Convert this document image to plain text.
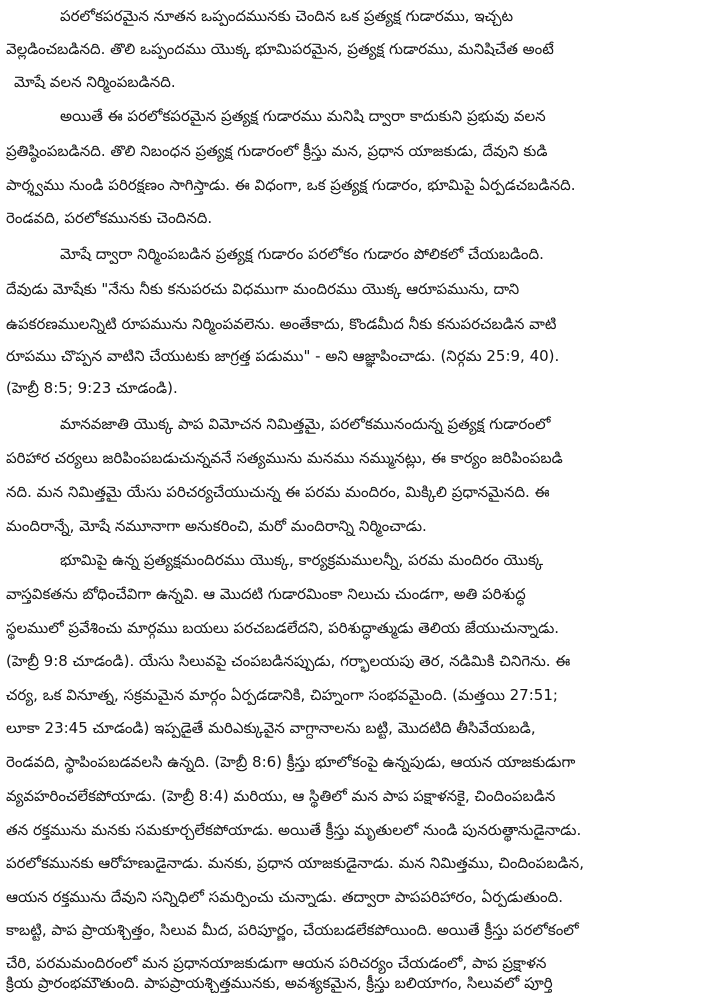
పరలోకపరమైన నూతన ఒప్పందమునకు చెందిన ఒక ప్రత్యక్ష గుడారము, ఇచ్చట
వెల్లడించబడినది. తొలి ఒప్పందము యొక్క భూమిపరమైన, ప్రత్యక్ష గుడారము, మనిషిచేత అంటే
మోషే వలన నిర్మింపబడినది.
అయితే ఈ పరలోకపరమైన ప్రత్యక్ష గుడారము మనిషి ద్వారా కాదుకుని ప్రభువు వలన
ప్రతిష్ఠింపబడినది. తొలి నిబంధన ప్రత్యక్ష గుడారంలో క్రీస్తు మన, ప్రధాన యాజకుడు, దేవుని కుడి
పార్శ్వము నుండి పరిరక్షణం సాగిస్తాడు. ఈ విధంగా, ఒక ప్రత్యక్ష గుడారం, భూమిపై ఏర్పడచబడినది.
రెండవది, పరలోకమునకు చెందినది.
మోషే ద్వారా నిర్మింపబడిన ప్రత్యక్ష గుడారం పరలోకం గుడారం పోలికలో చేయబడింది.
దేవుడు మోషేకు "నేను నీకు కనుపరచు విధముగా మందిరము యొక్క ఆరూపమును, దాని
ఉపకరణములన్నిటి రూపమును నిర్మింపవలెను. అంతేకాదు, కొండమీద నీకు కనుపరచబడిన వాటి
రూపము చొప్పన వాటిని చేయుటకు జాగ్రత్త పడుము" - అని ఆజ్ఞాపించాడు. (నిర్గమ 25:9, 40).
(హెబ్రీ 8:5; 9:23 చూడండి).
మానవజాతి యొక్క పాప విమోచన నిమిత్తమై, పరలోకమునందున్న ప్రత్యక్ష గుడారంలో
పరిహార చర్యలు జరిపింపబడుచున్నవనే సత్యమును మనము నమ్మునట్లు, ఈ కార్యం జరిపింపబడి
నది. మన నిమిత్తమై యేసు పరిచర్యచేయుచున్న ఈ పరమ మందిరం, మిక్కిలి ప్రధానమైనది. ఈ
మందిరాన్నే, మోషే నమూనాగా అనుకరించి, మరో మందిరాన్ని నిర్మించాడు.
భూమిపై ఉన్న ప్రత్యక్షమందిరము యొక్క, కార్యక్రమములన్నీ, పరమ మందిరం యొక్క
వాస్తవికతను బోధించేవిగా ఉన్నవి. ఆ మొదటి గుడారమింకా నిలుచు చుండగా, అతి పరిశుద్ధ
స్థలములో ప్రవేశించు మార్గము బయలు పరచబడలేదని, పరిశుద్ధాత్ముడు తెలియ జేయుచున్నాడు.
(హెబ్రీ 9:8 చూడండి). యేసు సిలువపై చంపబడినప్పుడు, గర్భాలయపు తెర, నడిమికి చినిగెను. ఈ
చర్య, ఒక వినూత్న, సక్రమమైన మార్గం ఏర్పడడానికి, చిహ్నంగా సంభవమైంది. (మత్తయి 27:51;
లూకా 23:45 చూడండి) ఇప్పడైతే మరిఎక్కువైన వాగ్దానాలను బట్టి, మొదటిది తీసివేయబడి,
రెండవది, స్థాపింపబడవలసి ఉన్నది. (హెబ్రీ 8:6) క్రీస్తు భూలోకంపై ఉన్నపుడు, ఆయన యాజకుడుగా
వ్యవహరించలేకపోయాడు. (హెబ్రీ 8:4) మరియు, ఆ స్థితిలో మన పాప పక్షాళనకై, చిందింపబడిన
తన రక్తమును మనకు సమకూర్చలేకపోయాడు. అయితే క్రీస్తు మృతులలో నుండి పునరుత్థానుడైనాడు.
పరలోకమునకు ఆరోహణుడైనాడు. మనకు, ప్రధాన యాజకుడైనాడు. మన నిమిత్తము, చిందింపబడిన,
ఆయన రక్తమును దేవుని సన్నిధిలో సమర్పించు చున్నాడు. తద్వారా పాపపరిహారం, ఏర్పడుతుంది.
కాబట్టి, పాప ప్రాయశ్చిత్తం, సిలువ మీద, పరిపూర్ణం, చేయబడలేకపోయింది. అయితే క్రీస్తు పరలోకంలో
చేరి, పరమమందిరంలో మన ప్రధానయాజకుడుగా ఆయన పరిచర్యం చేయడంలో, పాప ప్రక్షాళన
క్రియ ప్రారంభమౌతుంది. పాపప్రాయశ్చిత్తమునకు, అవశ్యకమైన, క్రీస్తు బలియాగం, సిలువలో పూర్తి
